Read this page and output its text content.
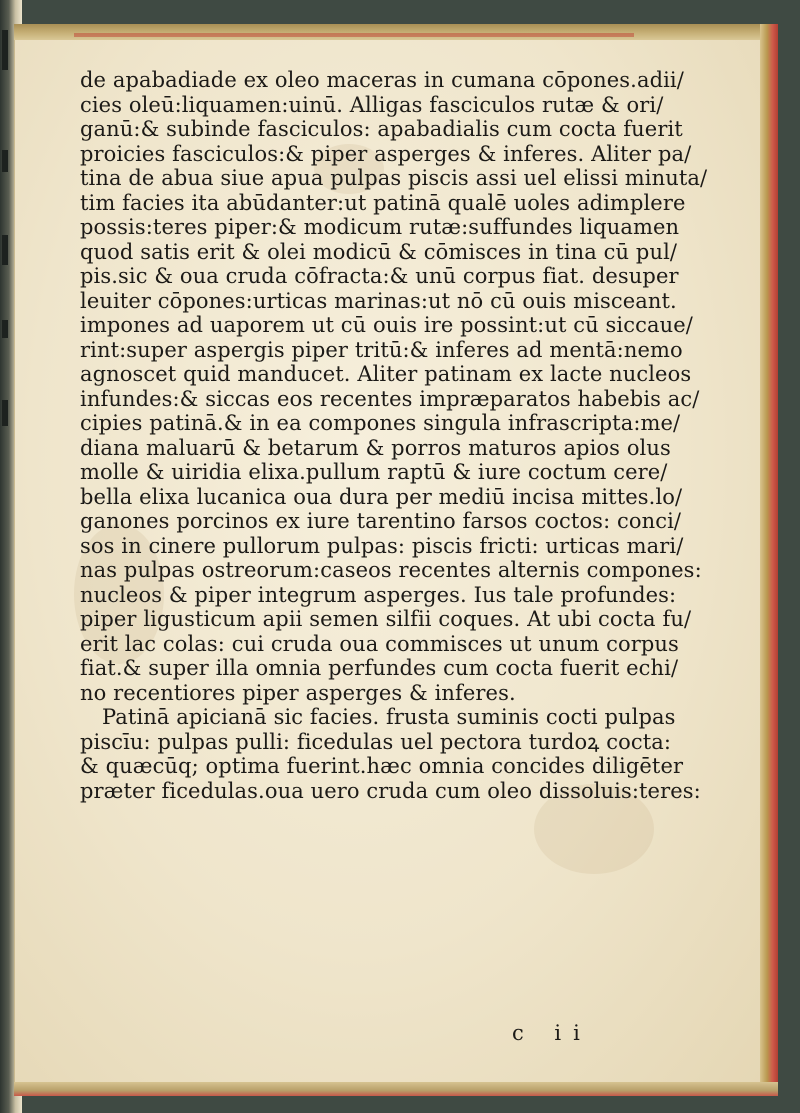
de apabadiade ex oleo maceras in cumana cōpones.adii/
cies oleū:liquamen:uinū. Alligas fasciculos rutæ & ori/
ganū:& subinde fasciculos: apabadialis cum cocta fuerit
proicies fasciculos:& piper asperges & inferes. Aliter pa/
tina de abua siue apua pulpas piscis assi uel elissi minuta/
tim facies ita abūdanter:ut patinā qualē uoles adimplere
possis:teres piper:& modicum rutæ:suffundes liquamen
quod satis erit & olei modicū & cōmisces in tina cū pul/
pis.sic & oua cruda cōfracta:& unū corpus fiat. desuper
leuiter cōpones:urticas marinas:ut nō cū ouis misceant.
impones ad uaporem ut cū ouis ire possint:ut cū siccaue/
rint:super aspergis piper tritū:& inferes ad mentā:nemo
agnoscet quid manducet. Aliter patinam ex lacte nucleos
infundes:& siccas eos recentes impræparatos habebis ac/
cipies patinā.& in ea compones singula infrascripta:me/
diana maluarū & betarum & porros maturos apios olus
molle & uiridia elixa.pullum raptū & iure coctum cere/
bella elixa lucanica oua dura per mediū incisa mittes.lo/
ganones porcinos ex iure tarentino farsos coctos: conci/
sos in cinere pullorum pulpas: piscis fricti: urticas mari/
nas pulpas ostreorum:caseos recentes alternis compones:
nucleos & piper integrum asperges. Ius tale profundes:
piper ligusticum apii semen silfii coques. At ubi cocta fu/
erit lac colas: cui cruda oua commisces ut unum corpus
fiat.& super illa omnia perfundes cum cocta fuerit echi/
no recentiores piper asperges & inferes.
Patinā apicianā sic facies. frusta suminis cocti pulpas
piscīu: pulpas pulli: ficedulas uel pectora turdoꝝ cocta:
& quæcūq; optima fuerint.hæc omnia concides diligēter
præter ficedulas.oua uero cruda cum oleo dissoluis:teres:
c ii
